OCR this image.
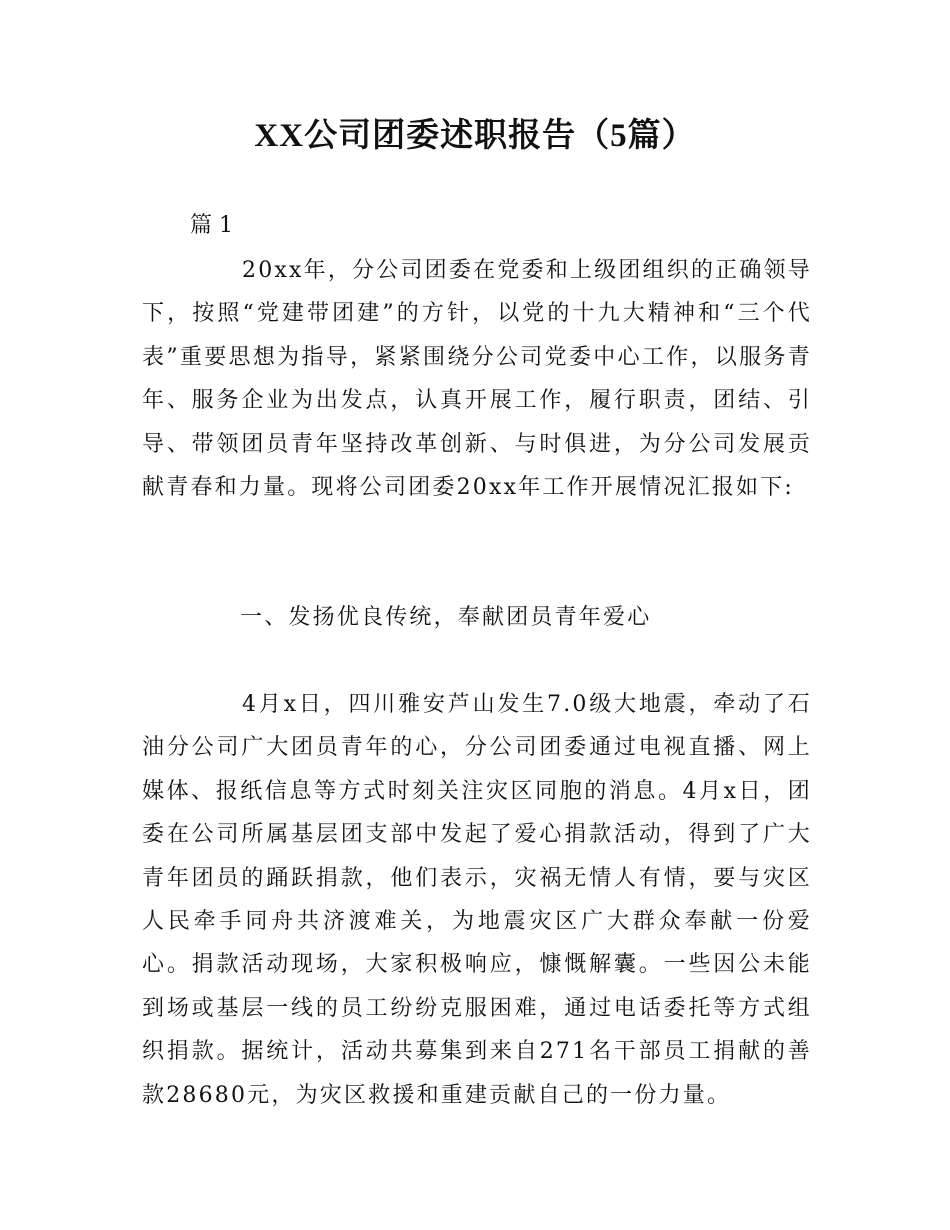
XX公司团委述职报告（5篇）

篇 1

20xx年，分公司团委在党委和上级团组织的正确领导下，按照“党建带团建”的方针，以党的十九大精神和“三个代表”重要思想为指导，紧紧围绕分公司党委中心工作，以服务青年、服务企业为出发点，认真开展工作，履行职责，团结、引导、带领团员青年坚持改革创新、与时俱进，为分公司发展贡献青春和力量。现将公司团委20xx年工作开展情况汇报如下:

一、发扬优良传统，奉献团员青年爱心

4月x日，四川雅安芦山发生7.0级大地震，牵动了石油分公司广大团员青年的心，分公司团委通过电视直播、网上媒体、报纸信息等方式时刻关注灾区同胞的消息。4月x日，团委在公司所属基层团支部中发起了爱心捐款活动，得到了广大青年团员的踊跃捐款，他们表示，灾祸无情人有情，要与灾区人民牵手同舟共济渡难关，为地震灾区广大群众奉献一份爱心。捐款活动现场，大家积极响应，慷慨解囊。一些因公未能到场或基层一线的员工纷纷克服困难，通过电话委托等方式组织捐款。据统计，活动共募集到来自271名干部员工捐献的善款28680元，为灾区救援和重建贡献自己的一份力量。
